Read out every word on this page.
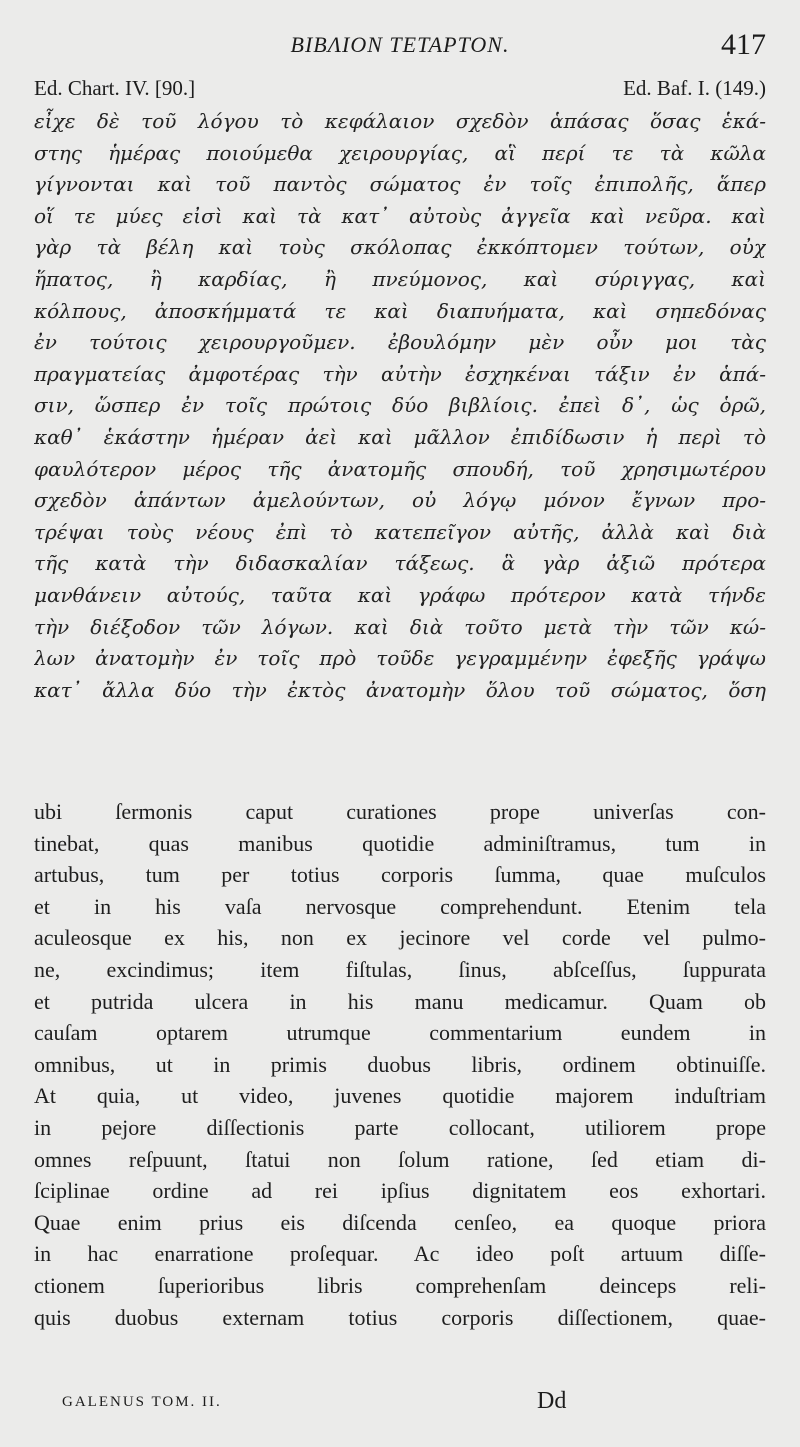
ΒΙΒΛΙΟΝ ΤΕΤΑΡΤΟΝ.	417
Ed. Chart. IV. [90.]	Ed. Baf. I. (149.)
εἶχε δὲ τοῦ λόγου τὸ κεφάλαιον σχεδὸν ἁπάσας ὅσας ἑκά-
στης ἡμέρας ποιούμεθα χειρουργίας, αἳ περί τε τὰ κῶλα
γίγνονται καὶ τοῦ παντὸς σώματος ἐν τοῖς ἐπιπολῆς, ἅπερ
οἵ τε μύες εἰσὶ καὶ τὰ κατ᾽ αὐτοὺς ἀγγεῖα καὶ νεῦρα. καὶ
γὰρ τὰ βέλη καὶ τοὺς σκόλοπας ἐκκόπτομεν τούτων, οὐχ
ἥπατος, ἢ καρδίας, ἢ πνεύμονος, καὶ σύριγγας, καὶ
κόλπους, ἀποσκήμματά τε καὶ διαπυήματα, καὶ σηπεδόνας
ἐν τούτοις χειρουργοῦμεν. ἐβουλόμην μὲν οὖν μοι τὰς
πραγματείας ἀμφοτέρας τὴν αὐτὴν ἐσχηκέναι τάξιν ἐν ἁπά-
σιν, ὥσπερ ἐν τοῖς πρώτοις δύο βιβλίοις. ἐπεὶ δ᾽, ὡς ὁρῶ,
καθ᾽ ἑκάστην ἡμέραν ἀεὶ καὶ μᾶλλον ἐπιδίδωσιν ἡ περὶ τὸ
φαυλότερον μέρος τῆς ἀνατομῆς σπουδή, τοῦ χρησιμωτέρου
σχεδὸν ἁπάντων ἀμελούντων, οὐ λόγῳ μόνον ἔγνων προ-
τρέψαι τοὺς νέους ἐπὶ τὸ κατεπεῖγον αὐτῆς, ἀλλὰ καὶ διὰ
τῆς κατὰ τὴν διδασκαλίαν τάξεως. ἃ γὰρ ἀξιῶ πρότερα
μανθάνειν αὐτούς, ταῦτα καὶ γράφω πρότερον κατὰ τήνδε
τὴν διέξοδον τῶν λόγων. καὶ διὰ τοῦτο μετὰ τὴν τῶν κώ-
λων ἀνατομὴν ἐν τοῖς πρὸ τοῦδε γεγραμμένην ἐφεξῆς γράψω
κατ᾽ ἄλλα δύο τὴν ἐκτὸς ἀνατομὴν ὅλου τοῦ σώματος, ὅση
ubi ſermonis caput curationes prope univerſas con-
tinebat, quas manibus quotidie adminiſtramus, tum in
artubus, tum per totius corporis ſumma, quae muſculos
et in his vaſa nervosque comprehendunt. Etenim tela
aculeosque ex his, non ex jecinore vel corde vel pulmo-
ne, excindimus; item fiſtulas, ſinus, abſceſſus, ſuppurata
et putrida ulcera in his manu medicamur. Quam ob
cauſam optarem utrumque commentarium eundem in
omnibus, ut in primis duobus libris, ordinem obtinuiſſe.
At quia, ut video, juvenes quotidie majorem induſtriam
in pejore diſſectionis parte collocant, utiliorem prope
omnes reſpuunt, ſtatui non ſolum ratione, ſed etiam di-
ſciplinae ordine ad rei ipſius dignitatem eos exhortari.
Quae enim prius eis diſcenda cenſeo, ea quoque priora
in hac enarratione proſequar. Ac ideo poſt artuum diſſe-
ctionem ſuperioribus libris comprehenſam deinceps reli-
quis duobus externam totius corporis diſſectionem, quae-
GALENUS TOM. II.	Dd
